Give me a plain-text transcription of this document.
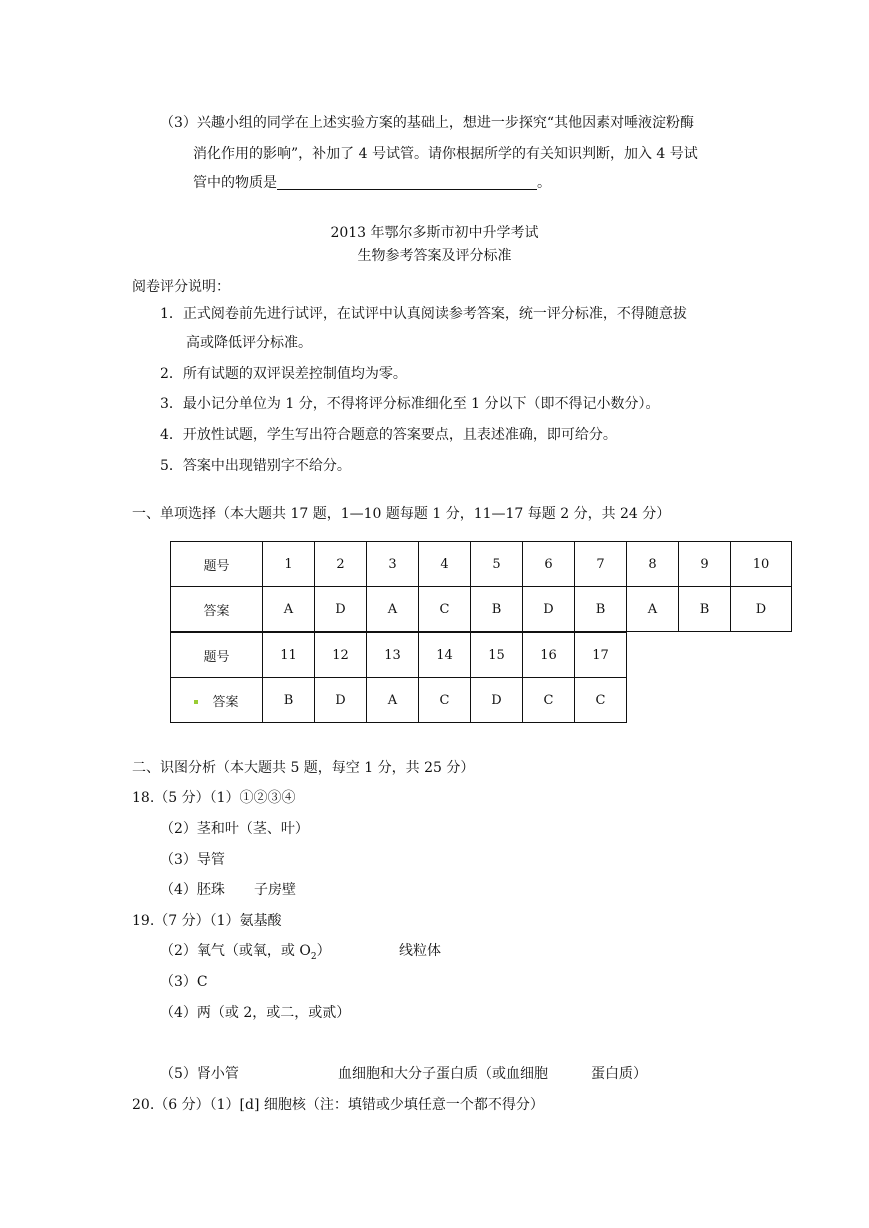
（3）兴趣小组的同学在上述实验方案的基础上，想进一步探究“其他因素对唾液淀粉酶
消化作用的影响”，补加了 4 号试管。请你根据所学的有关知识判断，加入 4 号试
管中的物质是	。
2013 年鄂尔多斯市初中升学考试
生物参考答案及评分标准
阅卷评分说明：
1．正式阅卷前先进行试评，在试评中认真阅读参考答案，统一评分标准，不得随意拔
高或降低评分标准。
2．所有试题的双评误差控制值均为零。
3．最小记分单位为 1 分，不得将评分标准细化至 1 分以下（即不得记小数分）。
4．开放性试题，学生写出符合题意的答案要点，且表述准确，即可给分。
5．答案中出现错别字不给分。
一、单项选择（本大题共 17 题，1—10 题每题 1 分，11—17 每题 2 分，共 24 分）
题号	1	2	3	4	5	6	7	8	9	10
答案	A	D	A	C	B	D	B	A	B	D
题号	11	12	13	14	15	16	17
答案	B	D	A	C	D	C	C
二、识图分析（本大题共 5 题，每空 1 分，共 25 分）
18.（5 分）（1）①②③④
（2）茎和叶（茎、叶）
（3）导管
（4）胚珠 子房壁
19.（7 分）（1）氨基酸
（2）氧气（或氧，或 $O_2$）	线粒体
（3）C
（4）两（或 2，或二，或贰）
（5）肾小管	血细胞和大分子蛋白质（或血细胞	蛋白质）
20.（6 分）（1）[d] 细胞核（注：填错或少填任意一个都不得分）
